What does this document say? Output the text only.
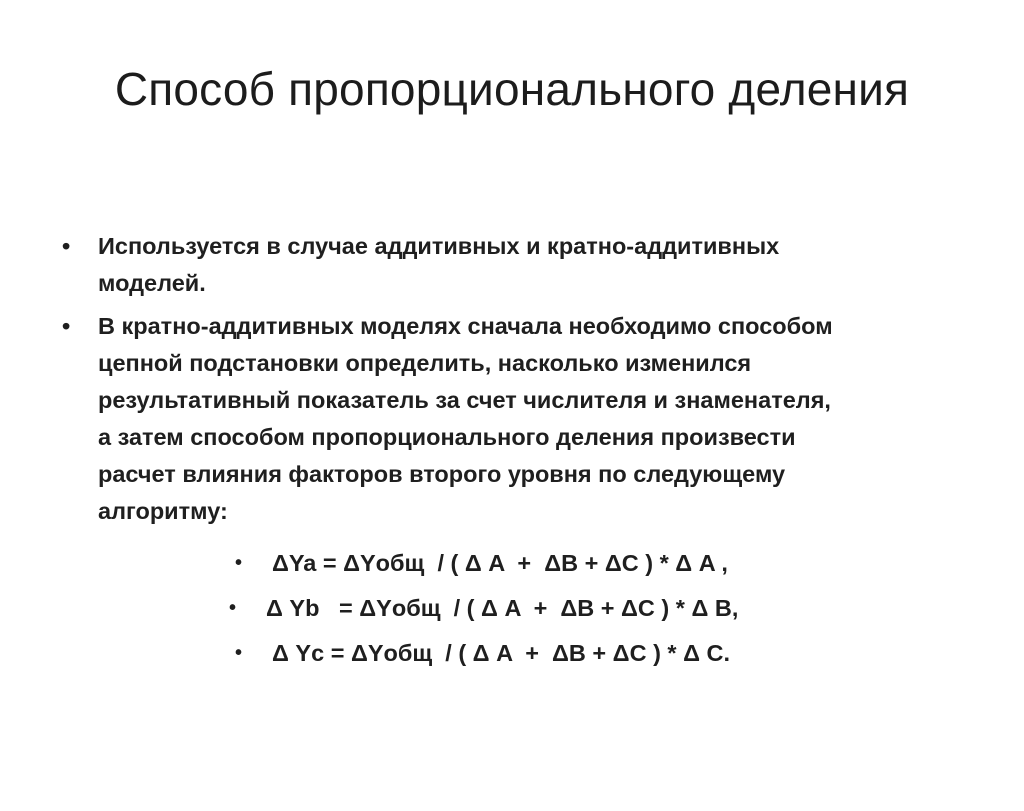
Способ пропорционального деления
• Используется в случае аддитивных и кратно-аддитивных
моделей.
• В кратно-аддитивных моделях сначала необходимо способом
цепной подстановки определить, насколько изменился
результативный показатель за счет числителя и знаменателя,
а затем способом пропорционального деления произвести
расчет влияния факторов второго уровня по следующему
алгоритму:

•

ΔYa = ΔYобщ  / ( Δ A  +  ΔB + ΔC ) * Δ A ,

•

Δ Yb   = ΔYобщ  / ( Δ A  +  ΔB + ΔC ) * Δ B,

•

Δ Yc = ΔYобщ  / ( Δ A  +  ΔB + ΔC ) * Δ C.
